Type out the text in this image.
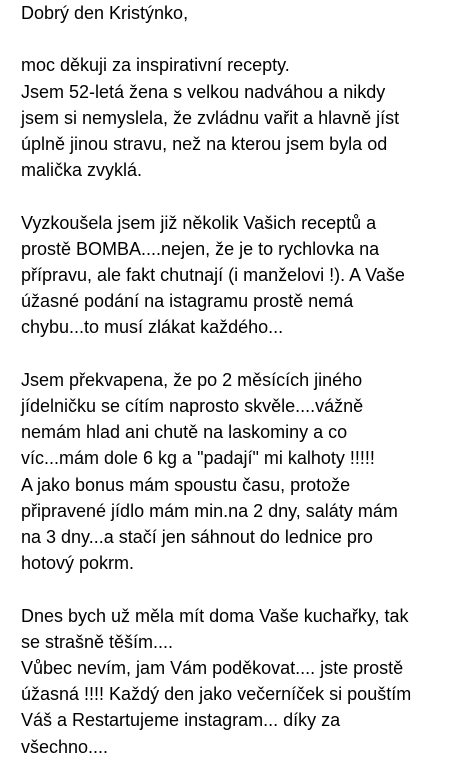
Dobrý den Kristýnko,

moc děkuji za inspirativní recepty.
Jsem 52-letá žena s velkou nadváhou a nikdy
jsem si nemyslela, že zvládnu vařit a hlavně jíst
úplně jinou stravu, než na kterou jsem byla od
malička zvyklá.

Vyzkoušela jsem již několik Vašich receptů a
prostě BOMBA....nejen, že je to rychlovka na
přípravu, ale fakt chutnají (i manželovi !). A Vaše
úžasné podání na istagramu prostě nemá
chybu...to musí zlákat každého...

Jsem překvapena, že po 2 měsících jiného
jídelničku se cítím naprosto skvěle....vážně
nemám hlad ani chutě na laskominy a co
víc...mám dole 6 kg a "padají" mi kalhoty !!!!!
A jako bonus mám spoustu času, protože
připravené jídlo mám min.na 2 dny, saláty mám
na 3 dny...a stačí jen sáhnout do lednice pro
hotový pokrm.

Dnes bych už měla mít doma Vaše kuchařky, tak
se strašně těším....
Vůbec nevím, jam Vám poděkovat.... jste prostě
úžasná !!!! Každý den jako večerníček si pouštím
Váš a Restartujeme instagram... díky za
všechno....
